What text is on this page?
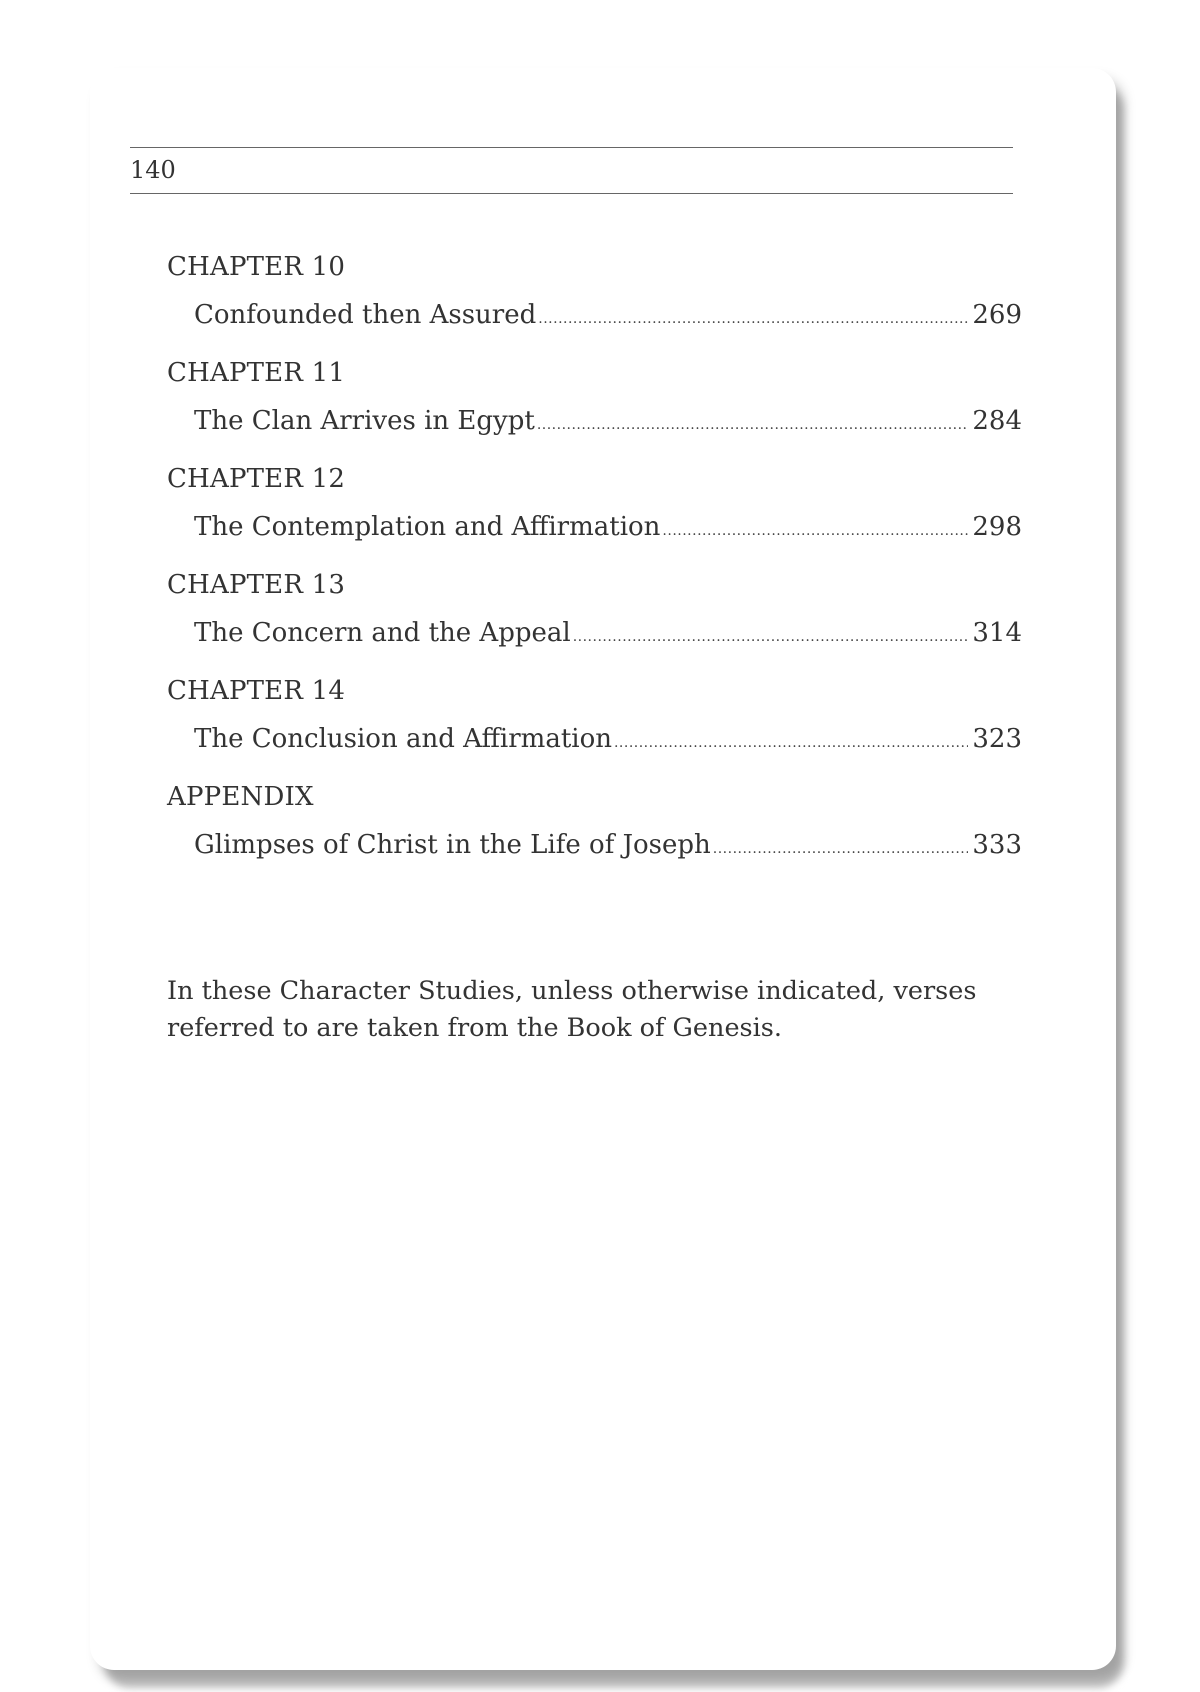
140
CHAPTER 10
Confounded then Assured .....	269
CHAPTER 11
The Clan Arrives in Egypt .....	284
CHAPTER 12
The Contemplation and Affirmation .....	298
CHAPTER 13
The Concern and the Appeal .....	314
CHAPTER 14
The Conclusion and Affirmation .....	323
APPENDIX
Glimpses of Christ in the Life of Joseph .....	333

In these Character Studies, unless otherwise indicated, verses referred to are taken from the Book of Genesis.
